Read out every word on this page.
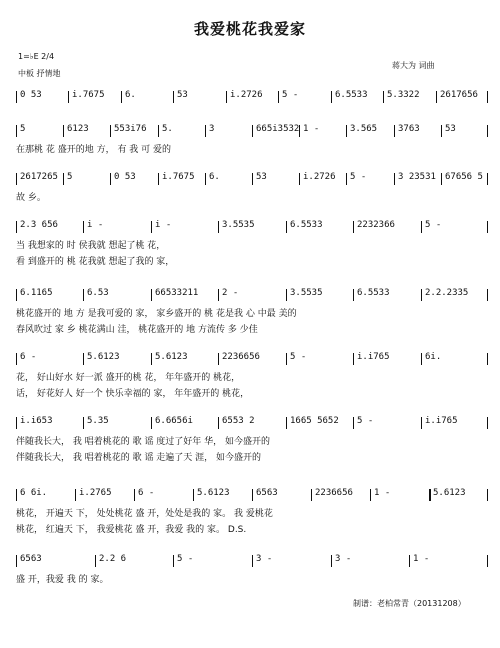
我爱桃花我爱家
1=♭E 2/4
中板 抒情地
蒋大为 词曲
0 53	i.7675 6.	53	i.2726 5 -	6.5533 5.3322 2617656
5	6123	553i76 5.	3	665i3532 1 -	3.565 3763	53
在那桃 花 盛开的地 方， 有 我 可 爱的
2617265 5	0 53	i.7675 6.	53	i.2726 5 -	3 23531 67656 5
故 乡。
2.3 656	i -	i -	3.5535	6.5533	2232366	5 -
当 我想家的 时 侯我就 想起了桃 花，
看 到盛开的 桃 花我就 想起了我的 家，
6.1165	6.53	66533211	2 -	3.5535	6.5533	2.2.2335
桃花盛开的 地 方 是我可爱的 家， 家乡盛开的 桃 花是我 心 中最 美的
春风吹过 家 乡 桃花满山 洼， 桃花盛开的 地 方流传 多 少佳
6 -	5.6123	5.6123	2236656	5 -	i.i765	6i.
花， 好山好水 好一派 盛开的桃 花， 年年盛开的 桃花，
话， 好花好人 好一个 快乐幸福的 家， 年年盛开的 桃花，
i.i653	5.35	6.6656i	6553 2	1665 5652 5 -	i.i765
伴随我长大， 我 唱着桃花的 歌 谣 度过了好年 华， 如今盛开的
伴随我长大， 我 唱着桃花的 歌 谣 走遍了天 涯， 如今盛开的
6 6i.	i.2765	6 -	5.6123	6563	2236656 1 -	5.6123
桃花， 开遍天 下， 处处桃花 盛 开，处处是我的 家。 我 爱桃花
桃花， 红遍天 下， 我爱桃花 盛 开，我爱 我的 家。 D.S.
6563	2.2 6	5 -	3 -	3 -	1 -
盛 开，我爱 我 的 家。
制谱：老柏常青（20131208）
